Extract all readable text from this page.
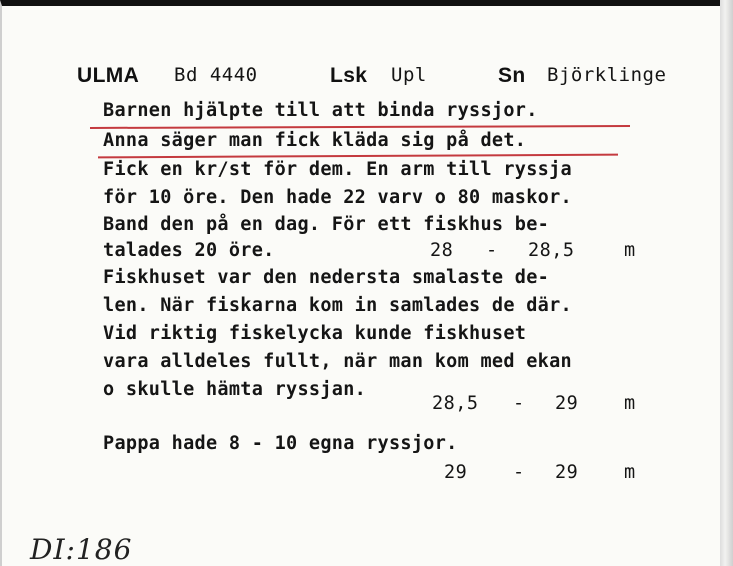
ULMA Bd 4440	Lsk Upl	Sn Björklinge
Barnen hjälpte till att binda ryssjor.
Anna säger man fick kläda sig på det.
Fick en kr/st för dem. En arm till ryssja
för 10 öre. Den hade 22 varv o 80 maskor.
Band den på en dag. För ett fiskhus be-
talades 20 öre.	28 - 28,5	m
Fiskhuset var den nedersta smalaste de-
len. När fiskarna kom in samlades de där.
Vid riktig fiskelycka kunde fiskhuset
vara alldeles fullt, när man kom med ekan
o skulle hämta ryssjan.
28,5 - 29 m
Pappa hade 8 - 10 egna ryssjor.
29 - 29 m
DI:186
